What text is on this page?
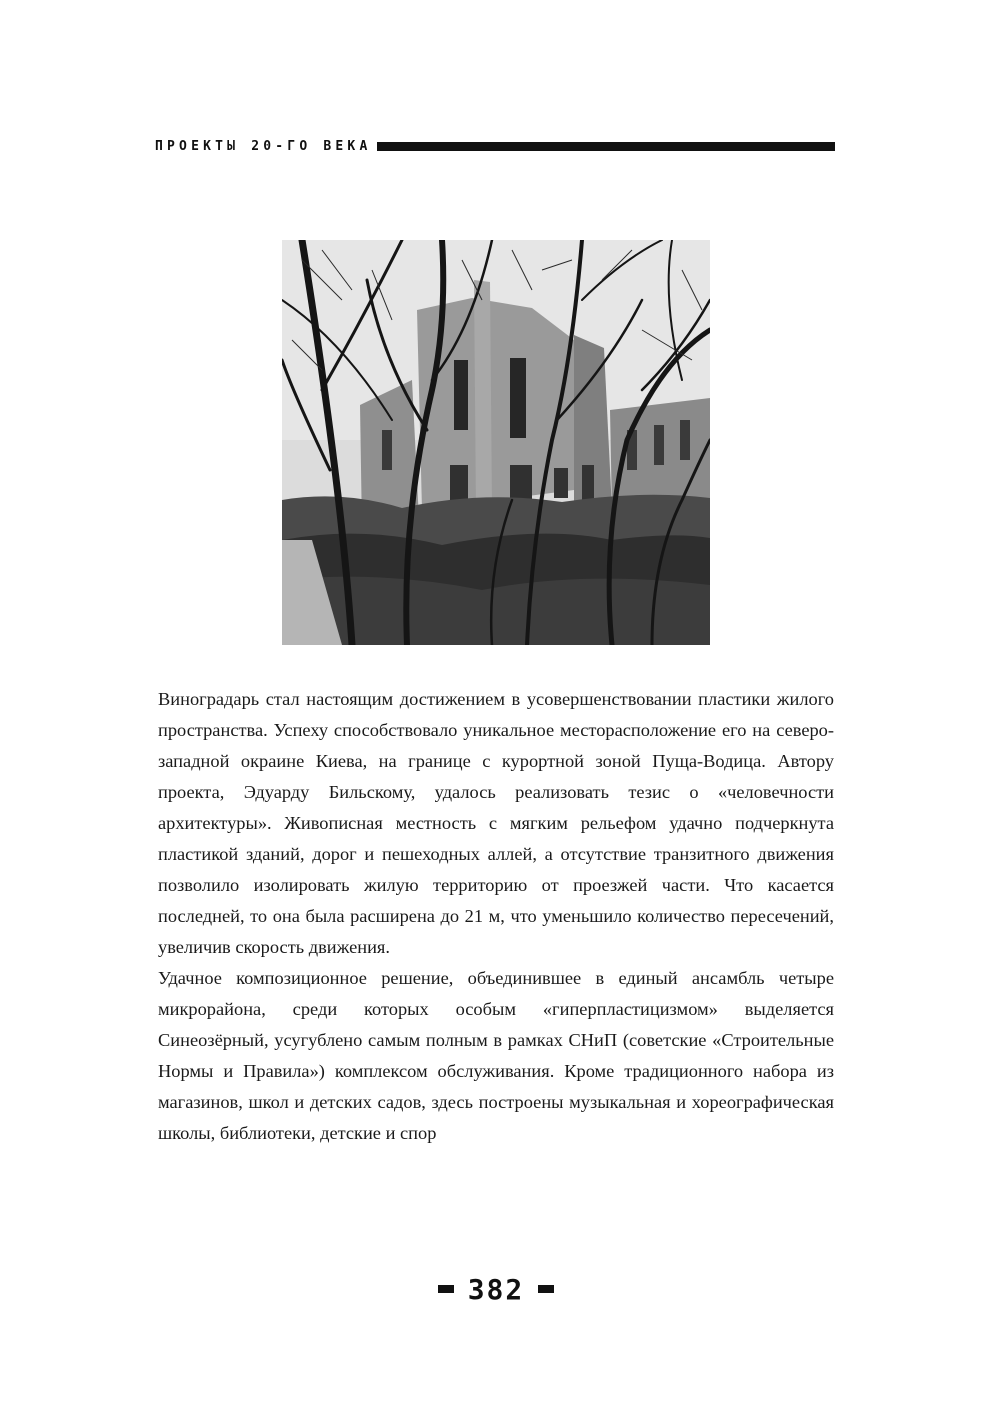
ПРОЕКТЫ 20-ГО ВЕКА

Виноградарь стал настоящим достижением в усовершенствовании пластики жилого пространства. Успеху способствовало уникальное месторасположение его на северо-западной окраине Киева, на границе с курортной зоной Пуща-Водица. Автору проекта, Эдуарду Бильскому, удалось реализовать тезис о «человечности архитектуры». Живописная местность с мягким рельефом удачно подчеркнута пластикой зданий, дорог и пешеходных аллей, а отсутствие транзитного движения позволило изолировать жилую территорию от проезжей части. Что касается последней, то она была расширена до 21 м, что уменьшило количество пересечений, увеличив скорость движения.

Удачное композиционное решение, объединившее в единый ансамбль четыре микрорайона, среди которых особым «гиперпластицизмом» выделяется Синеозёрный, усугублено самым полным в рамках СНиП (советские «Строительные Нормы и Правила») комплексом обслуживания. Кроме традиционного набора из магазинов, школ и детских садов, здесь построены музыкальная и хореографическая школы, библиотеки, детские и спор

382
